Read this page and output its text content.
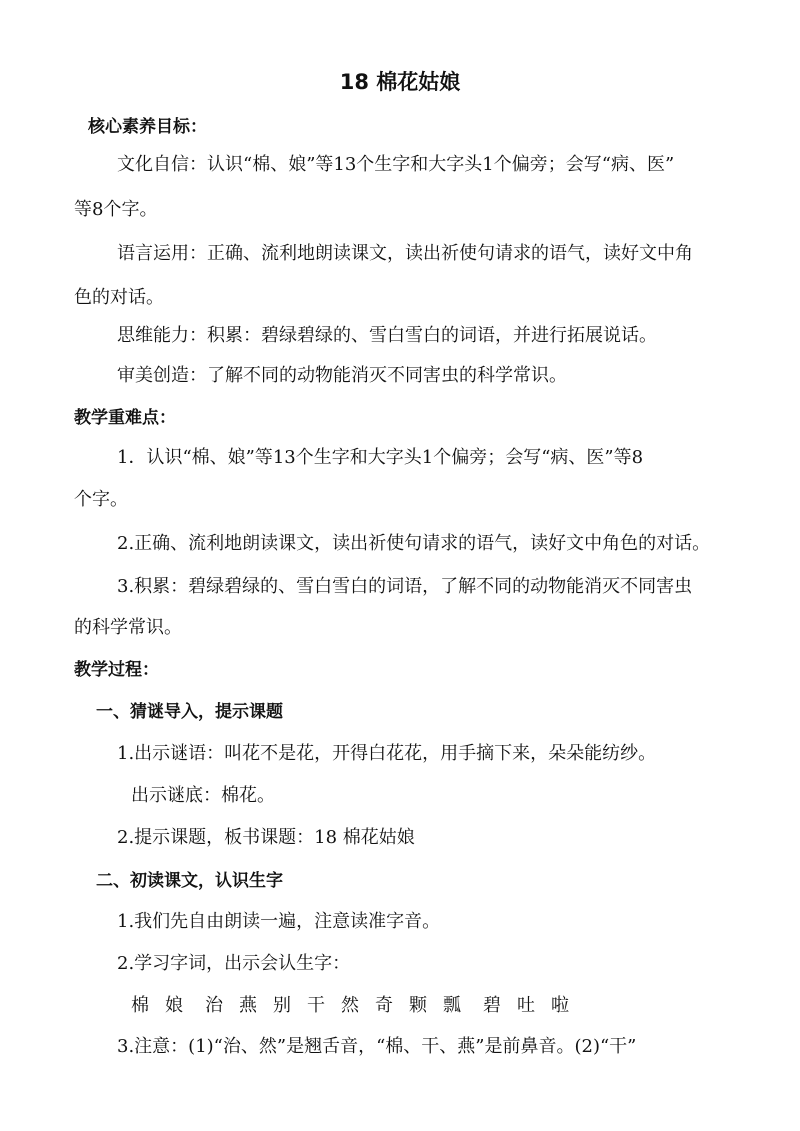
18 棉花姑娘
核心素养目标：
文化自信：认识“棉、娘”等13个生字和大字头1个偏旁；会写“病、医”
等8个字。
语言运用：正确、流利地朗读课文，读出祈使句请求的语气，读好文中角
色的对话。
思维能力：积累：碧绿碧绿的、雪白雪白的词语，并进行拓展说话。
审美创造：了解不同的动物能消灭不同害虫的科学常识。
教学重难点：
1．认识“棉、娘”等13个生字和大字头1个偏旁；会写“病、医”等8
个字。
2.正确、流利地朗读课文，读出祈使句请求的语气，读好文中角色的对话。
3.积累：碧绿碧绿的、雪白雪白的词语，了解不同的动物能消灭不同害虫
的科学常识。
教学过程：
一、猜谜导入，提示课题
1.出示谜语：叫花不是花，开得白花花，用手摘下来，朵朵能纺纱。
出示谜底：棉花。
2.提示课题，板书课题：18 棉花姑娘
二、初读课文，认识生字
1.我们先自由朗读一遍，注意读准字音。
2.学习字词，出示会认生字：
棉 娘 治 燕 别 干 然 奇 颗 瓢 碧 吐 啦
3.注意：(1)“治、然”是翘舌音，“棉、干、燕”是前鼻音。(2)“干”
